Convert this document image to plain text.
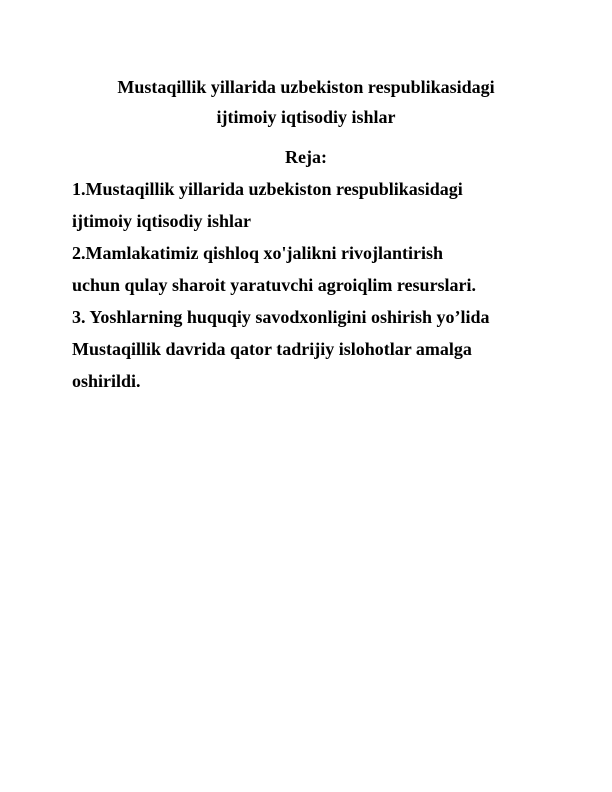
Mustaqillik yillarida uzbekiston respublikasidagi
ijtimoiy iqtisodiy ishlar
Reja:
1.Mustaqillik yillarida uzbekiston respublikasidagi
ijtimoiy iqtisodiy ishlar
2.Mamlakatimiz qishloq xo'jalikni rivojlantirish
uchun qulay sharoit yaratuvchi agroiqlim resurslari.
3. Yoshlarning huquqiy savodxonligini oshirish yo’lida
Mustaqillik davrida qator tadrijiy islohotlar amalga
oshirildi.
